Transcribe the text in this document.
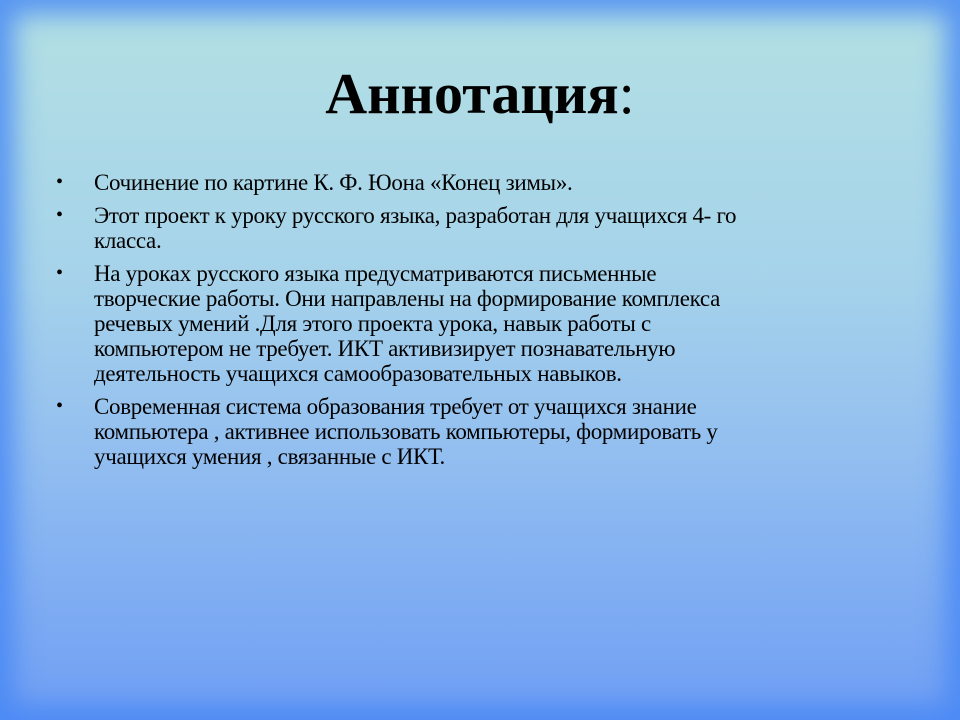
Аннотация:
•	Сочинение по картине К. Ф. Юона «Конец зимы».
•	Этот проект к уроку русского языка, разработан для учащихся 4- го
класса.
•	На уроках русского языка предусматриваются письменные
творческие работы. Они направлены на формирование комплекса
речевых умений .Для этого проекта урока, навык работы с
компьютером не требует. ИКТ активизирует познавательную
деятельность учащихся самообразовательных навыков.
•	Современная система образования требует от учащихся знание
компьютера , активнее использовать компьютеры, формировать у
учащихся умения , связанные с ИКТ.
